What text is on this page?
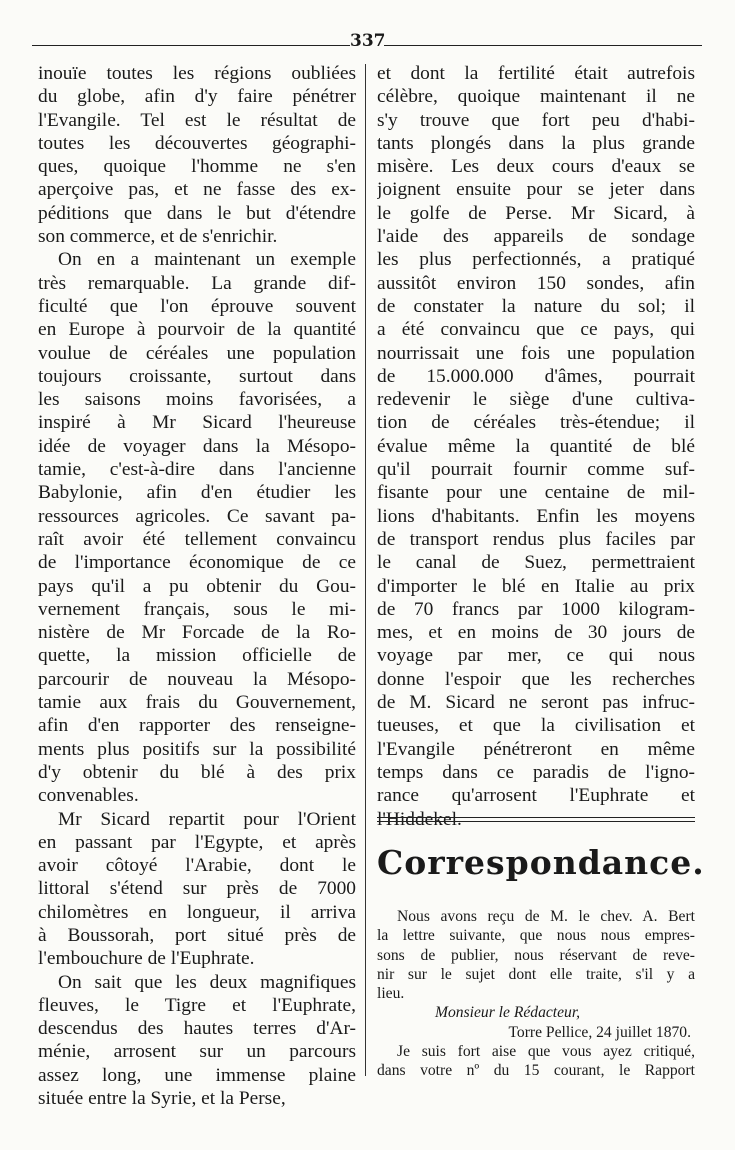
337
inouïe toutes les régions oubliées
du globe, afin d'y faire pénétrer
l'Evangile. Tel est le résultat de
toutes les découvertes géographi-
ques, quoique l'homme ne s'en
aperçoive pas, et ne fasse des ex-
péditions que dans le but d'étendre
son commerce, et de s'enrichir.
On en a maintenant un exemple
très remarquable. La grande dif-
ficulté que l'on éprouve souvent
en Europe à pourvoir de la quantité
voulue de céréales une population
toujours croissante, surtout dans
les saisons moins favorisées, a
inspiré à Mr Sicard l'heureuse
idée de voyager dans la Mésopo-
tamie, c'est-à-dire dans l'ancienne
Babylonie, afin d'en étudier les
ressources agricoles. Ce savant pa-
raît avoir été tellement convaincu
de l'importance économique de ce
pays qu'il a pu obtenir du Gou-
vernement français, sous le mi-
nistère de Mr Forcade de la Ro-
quette, la mission officielle de
parcourir de nouveau la Mésopo-
tamie aux frais du Gouvernement,
afin d'en rapporter des renseigne-
ments plus positifs sur la possibilité
d'y obtenir du blé à des prix
convenables.
Mr Sicard repartit pour l'Orient
en passant par l'Egypte, et après
avoir côtoyé l'Arabie, dont le
littoral s'étend sur près de 7000
chilomètres en longueur, il arriva
à Boussorah, port situé près de
l'embouchure de l'Euphrate.
On sait que les deux magnifiques
fleuves, le Tigre et l'Euphrate,
descendus des hautes terres d'Ar-
ménie, arrosent sur un parcours
assez long, une immense plaine
située entre la Syrie, et la Perse,
et dont la fertilité était autrefois
célèbre, quoique maintenant il ne
s'y trouve que fort peu d'habi-
tants plongés dans la plus grande
misère. Les deux cours d'eaux se
joignent ensuite pour se jeter dans
le golfe de Perse. Mr Sicard, à
l'aide des appareils de sondage
les plus perfectionnés, a pratiqué
aussitôt environ 150 sondes, afin
de constater la nature du sol; il
a été convaincu que ce pays, qui
nourrissait une fois une population
de 15.000.000 d'âmes, pourrait
redevenir le siège d'une cultiva-
tion de céréales très-étendue; il
évalue même la quantité de blé
qu'il pourrait fournir comme suf-
fisante pour une centaine de mil-
lions d'habitants. Enfin les moyens
de transport rendus plus faciles par
le canal de Suez, permettraient
d'importer le blé en Italie au prix
de 70 francs par 1000 kilogram-
mes, et en moins de 30 jours de
voyage par mer, ce qui nous
donne l'espoir que les recherches
de M. Sicard ne seront pas infruc-
tueuses, et que la civilisation et
l'Evangile pénétreront en même
temps dans ce paradis de l'igno-
rance qu'arrosent l'Euphrate et
l'Hiddekel.
Correspondance.
Nous avons reçu de M. le chev. A. Bert
la lettre suivante, que nous nous empres-
sons de publier, nous réservant de reve-
nir sur le sujet dont elle traite, s'il y a
lieu.
Monsieur le Rédacteur,
Torre Pellice, 24 juillet 1870.
Je suis fort aise que vous ayez critiqué,
dans votre nº du 15 courant, le Rapport
